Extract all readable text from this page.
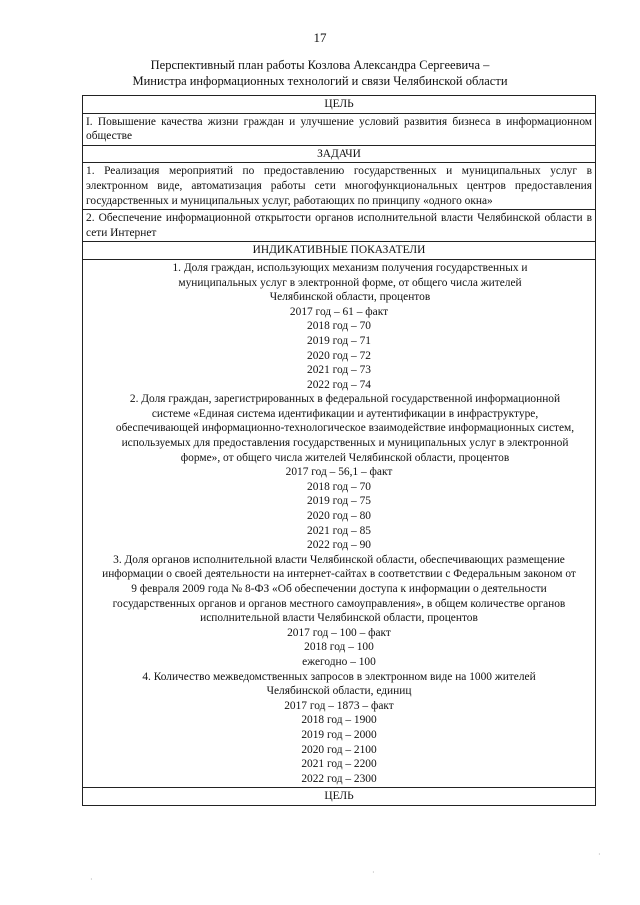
17
Перспективный план работы Козлова Александра Сергеевича –
Министра информационных технологий и связи Челябинской области
ЦЕЛЬ
I. Повышение качества жизни граждан и улучшение условий развития бизнеса в информационном обществе
ЗАДАЧИ
1. Реализация мероприятий по предоставлению государственных и муниципальных услуг в электронном виде, автоматизация работы сети многофункциональных центров предоставления государственных и муниципальных услуг, работающих по принципу «одного окна»
2. Обеспечение информационной открытости органов исполнительной власти Челябинской области в сети Интернет
ИНДИКАТИВНЫЕ ПОКАЗАТЕЛИ

1. Доля граждан, использующих механизм получения государственных и муниципальных услуг в электронной форме, от общего числа жителей Челябинской области, процентов
2017 год – 61 – факт
2018 год – 70
2019 год – 71
2020 год – 72
2021 год – 73
2022 год – 74
2. Доля граждан, зарегистрированных в федеральной государственной информационной системе «Единая система идентификации и аутентификации в инфраструктуре, обеспечивающей информационно-технологическое взаимодействие информационных систем, используемых для предоставления государственных и муниципальных услуг в электронной форме», от общего числа жителей Челябинской области, процентов
2017 год – 56,1 – факт
2018 год – 70
2019 год – 75
2020 год – 80
2021 год – 85
2022 год – 90
3. Доля органов исполнительной власти Челябинской области, обеспечивающих размещение информации о своей деятельности на интернет-сайтах в соответствии с Федеральным законом от 9 февраля 2009 года № 8-ФЗ «Об обеспечении доступа к информации о деятельности государственных органов и органов местного самоуправления», в общем количестве органов исполнительной власти Челябинской области, процентов
2017 год – 100 – факт
2018 год – 100
ежегодно – 100
4. Количество межведомственных запросов в электронном виде на 1000 жителей Челябинской области, единиц
2017 год – 1873 – факт
2018 год – 1900
2019 год – 2000
2020 год – 2100
2021 год – 2200
2022 год – 2300

ЦЕЛЬ
·
·
·
